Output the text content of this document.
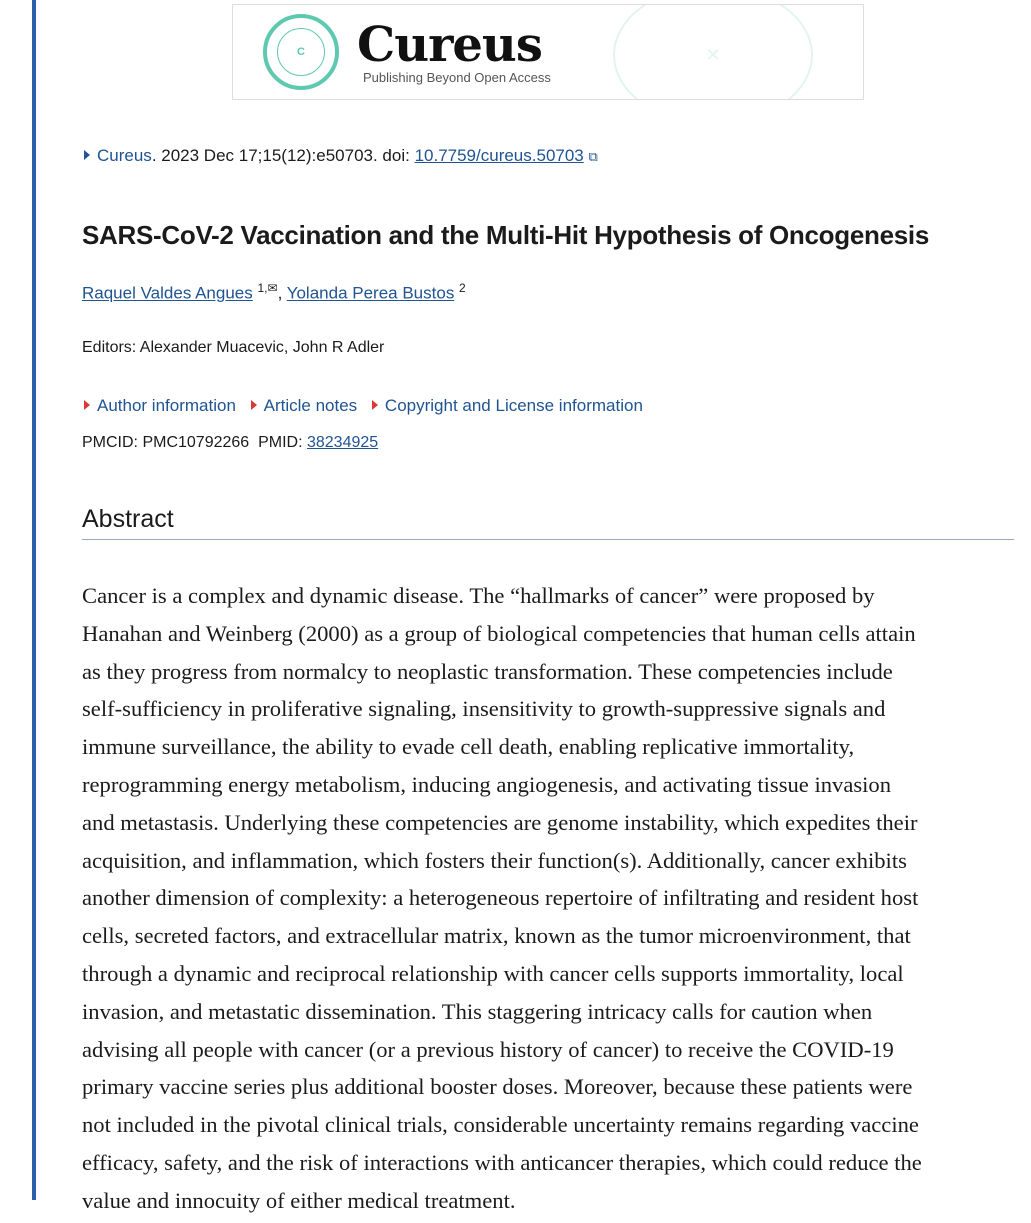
C	Cureus
Publishing Beyond Open Access
✕
Cureus. 2023 Dec 17;15(12):e50703. doi: 10.7759/cureus.50703 ⧉
SARS-CoV-2 Vaccination and the Multi-Hit Hypothesis of Oncogenesis
Raquel Valdes Angues $^{1,✉}$, Yolanda Perea Bustos $^2$
Editors: Alexander Muacevic, John R Adler
Author information Article notes Copyright and License information
PMCID: PMC10792266  PMID: 38234925
Abstract
Cancer is a complex and dynamic disease. The “hallmarks of cancer” were proposed by
Hanahan and Weinberg (2000) as a group of biological competencies that human cells attain
as they progress from normalcy to neoplastic transformation. These competencies include
self-sufficiency in proliferative signaling, insensitivity to growth-suppressive signals and
immune surveillance, the ability to evade cell death, enabling replicative immortality,
reprogramming energy metabolism, inducing angiogenesis, and activating tissue invasion
and metastasis. Underlying these competencies are genome instability, which expedites their
acquisition, and inflammation, which fosters their function(s). Additionally, cancer exhibits
another dimension of complexity: a heterogeneous repertoire of infiltrating and resident host
cells, secreted factors, and extracellular matrix, known as the tumor microenvironment, that
through a dynamic and reciprocal relationship with cancer cells supports immortality, local
invasion, and metastatic dissemination. This staggering intricacy calls for caution when
advising all people with cancer (or a previous history of cancer) to receive the COVID-19
primary vaccine series plus additional booster doses. Moreover, because these patients were
not included in the pivotal clinical trials, considerable uncertainty remains regarding vaccine
efficacy, safety, and the risk of interactions with anticancer therapies, which could reduce the
value and innocuity of either medical treatment.
